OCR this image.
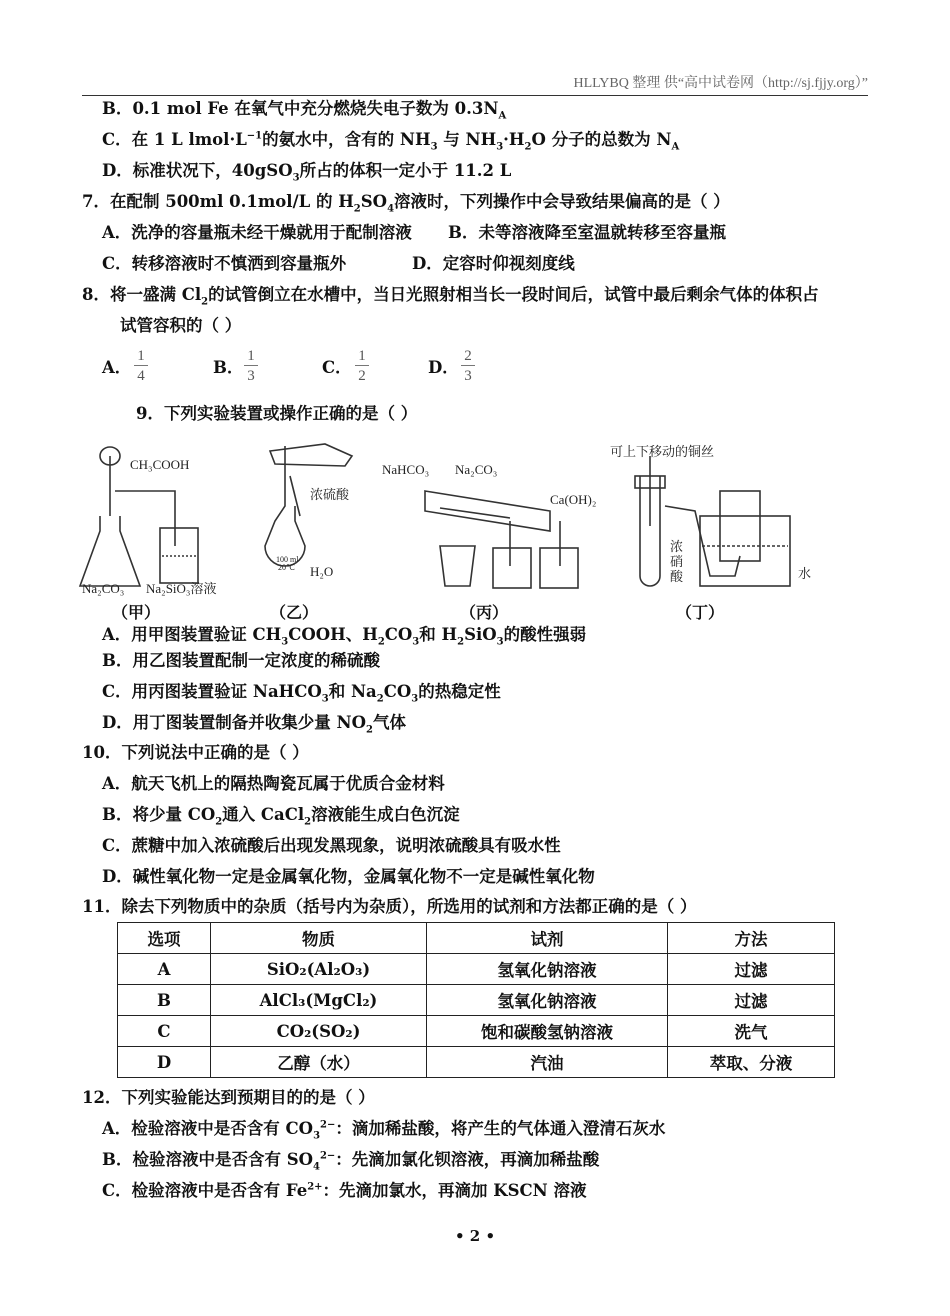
HLLYBQ 整理 供“高中试卷网（http://sj.fjjy.org）”
B．0.1 mol Fe 在氧气中充分燃烧失电子数为 $0.3N_A$
C．在 1 L $lmol\cdot L^{-1}$的氨水中，含有的 $NH_3$ 与 $NH_3\cdot H_2O$ 分子的总数为 $N_A$
D．标准状况下，40gSO$_3$所占的体积一定小于 11.2 L
7．在配制 500ml 0.1mol/L 的 $H_2SO_4$溶液时，下列操作中会导致结果偏高的是（ ）
A．洗净的容量瓶未经干燥就用于配制溶液 B．未等溶液降至室温就转移至容量瓶
C．转移溶液时不慎洒到容量瓶外	D．定容时仰视刻度线
8．将一盛满 $Cl_2$的试管倒立在水槽中，当日光照射相当长一段时间后，试管中最后剩余气体的体积占
试管容积的（ ）
A．	B．	C．	D．
$\frac{1}{4}$	$\frac{1}{3}$	$\frac{1}{2}$	$\frac{2}{3}$
9．下列实验装置或操作正确的是（ ）
CH₃COOH
Na₂CO₃ Na₂SiO₃溶液
浓硫酸
100 ml
20℃ H₂O
NaHCO₃ Na₂CO₃
Ca(OH)₂
可上下移动的铜丝
浓
硝
酸	水
（甲）	（乙）	（丙）	（丁）
A．用甲图装置验证 $CH_3COOH$、$H_2CO_3$和 $H_2SiO_3$的酸性强弱
B．用乙图装置配制一定浓度的稀硫酸
C．用丙图装置验证 NaHCO$_3$和 $Na_2CO_3$的热稳定性
D．用丁图装置制备并收集少量 $NO_2$气体
10．下列说法中正确的是（ ）
A．航天飞机上的隔热陶瓷瓦属于优质合金材料
B．将少量 $CO_2$通入 CaCl$_2$溶液能生成白色沉淀
C．蔗糖中加入浓硫酸后出现发黑现象，说明浓硫酸具有吸水性
D．碱性氧化物一定是金属氧化物，金属氧化物不一定是碱性氧化物
11．除去下列物质中的杂质（括号内为杂质），所选用的试剂和方法都正确的是（ ）
选项	物质	试剂	方法
A	SiO₂(Al₂O₃)	氢氧化钠溶液	过滤
B	AlCl₃(MgCl₂)	氢氧化钠溶液	过滤
C	CO₂(SO₂)	饱和碳酸氢钠溶液	洗气
D	乙醇（水）	汽油	萃取、分液
12．下列实验能达到预期目的的是（ ）
A．检验溶液中是否含有 $CO_3^{2-}$：滴加稀盐酸，将产生的气体通入澄清石灰水
B．检验溶液中是否含有 $SO_4^{2-}$：先滴加氯化钡溶液，再滴加稀盐酸
C．检验溶液中是否含有 $Fe^{2+}$：先滴加氯水，再滴加 KSCN 溶液
• 2 •
